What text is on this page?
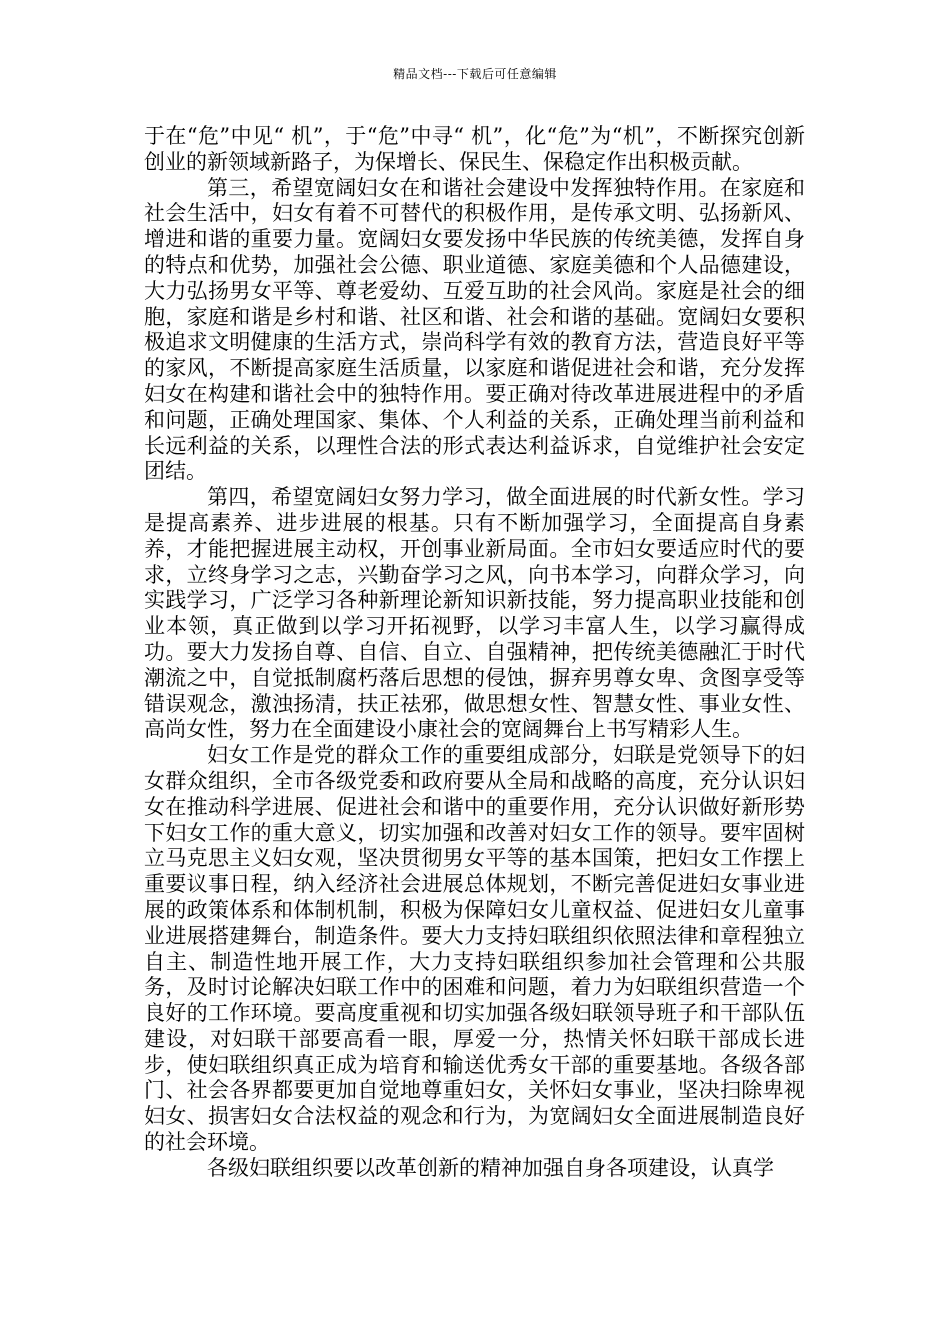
精品文档---下载后可任意编辑

于在“危”中见“ 机”，于“危”中寻“ 机”，化“危”为“机”，不断探究创新创业的新领域新路子，为保增长、保民生、保稳定作出积极贡献。

第三，希望宽阔妇女在和谐社会建设中发挥独特作用。在家庭和社会生活中，妇女有着不可替代的积极作用，是传承文明、弘扬新风、增进和谐的重要力量。宽阔妇女要发扬中华民族的传统美德，发挥自身的特点和优势，加强社会公德、职业道德、家庭美德和个人品德建设，大力弘扬男女平等、尊老爱幼、互爱互助的社会风尚。家庭是社会的细胞，家庭和谐是乡村和谐、社区和谐、社会和谐的基础。宽阔妇女要积极追求文明健康的生活方式，崇尚科学有效的教育方法，营造良好平等的家风，不断提高家庭生活质量，以家庭和谐促进社会和谐，充分发挥妇女在构建和谐社会中的独特作用。要正确对待改革进展进程中的矛盾和问题，正确处理国家、集体、个人利益的关系，正确处理当前利益和长远利益的关系，以理性合法的形式表达利益诉求，自觉维护社会安定团结。

第四，希望宽阔妇女努力学习，做全面进展的时代新女性。学习是提高素养、进步进展的根基。只有不断加强学习，全面提高自身素养，才能把握进展主动权，开创事业新局面。全市妇女要适应时代的要求，立终身学习之志，兴勤奋学习之风，向书本学习，向群众学习，向实践学习，广泛学习各种新理论新知识新技能，努力提高职业技能和创业本领，真正做到以学习开拓视野，以学习丰富人生，以学习赢得成功。要大力发扬自尊、自信、自立、自强精神，把传统美德融汇于时代潮流之中，自觉抵制腐朽落后思想的侵蚀，摒弃男尊女卑、贪图享受等错误观念，激浊扬清，扶正祛邪，做思想女性、智慧女性、事业女性、高尚女性，努力在全面建设小康社会的宽阔舞台上书写精彩人生。

妇女工作是党的群众工作的重要组成部分，妇联是党领导下的妇女群众组织，全市各级党委和政府要从全局和战略的高度，充分认识妇女在推动科学进展、促进社会和谐中的重要作用，充分认识做好新形势下妇女工作的重大意义，切实加强和改善对妇女工作的领导。要牢固树立马克思主义妇女观，坚决贯彻男女平等的基本国策，把妇女工作摆上重要议事日程，纳入经济社会进展总体规划，不断完善促进妇女事业进展的政策体系和体制机制，积极为保障妇女儿童权益、促进妇女儿童事业进展搭建舞台，制造条件。要大力支持妇联组织依照法律和章程独立自主、制造性地开展工作，大力支持妇联组织参加社会管理和公共服务，及时讨论解决妇联工作中的困难和问题，着力为妇联组织营造一个良好的工作环境。要高度重视和切实加强各级妇联领导班子和干部队伍建设，对妇联干部要高看一眼，厚爱一分，热情关怀妇联干部成长进步，使妇联组织真正成为培育和输送优秀女干部的重要基地。各级各部门、社会各界都要更加自觉地尊重妇女，关怀妇女事业，坚决扫除卑视妇女、损害妇女合法权益的观念和行为，为宽阔妇女全面进展制造良好的社会环境。

各级妇联组织要以改革创新的精神加强自身各项建设，认真学
